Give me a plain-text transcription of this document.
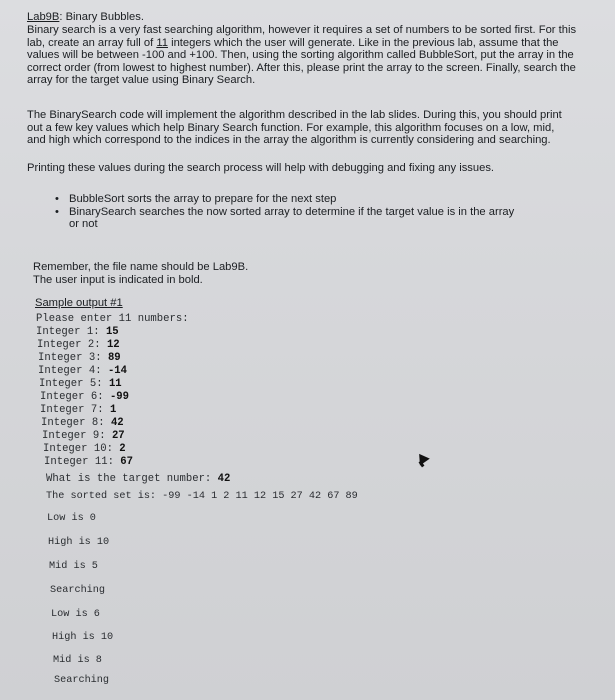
Lab9B: Binary Bubbles.
Binary search is a very fast searching algorithm, however it requires a set of numbers to be sorted first. For this lab, create an array full of 11 integers which the user will generate. Like in the previous lab, assume that the values will be between -100 and +100. Then, using the sorting algorithm called BubbleSort, put the array in the correct order (from lowest to highest number). After this, please print the array to the screen. Finally, search the array for the target value using Binary Search.
The BinarySearch code will implement the algorithm described in the lab slides. During this, you should print out a few key values which help Binary Search function. For example, this algorithm focuses on a low, mid, and high which correspond to the indices in the array the algorithm is currently considering and searching.
Printing these values during the search process will help with debugging and fixing any issues.
• BubbleSort sorts the array to prepare for the next step
• BinarySearch searches the now sorted array to determine if the target value is in the array or not
Remember, the file name should be Lab9B.
The user input is indicated in bold.
Sample output #1
Please enter 11 numbers:
Integer 1: 15
Integer 2: 12
Integer 3: 89
Integer 4: -14
Integer 5: 11
Integer 6: -99
Integer 7: 1
Integer 8: 42
Integer 9: 27
Integer 10: 2
Integer 11: 67
What is the target number: 42
The sorted set is: -99 -14 1 2 11 12 15 27 42 67 89
Low is 0
High is 10
Mid is 5
Searching
Low is 6
High is 10
Mid is 8
Searching
